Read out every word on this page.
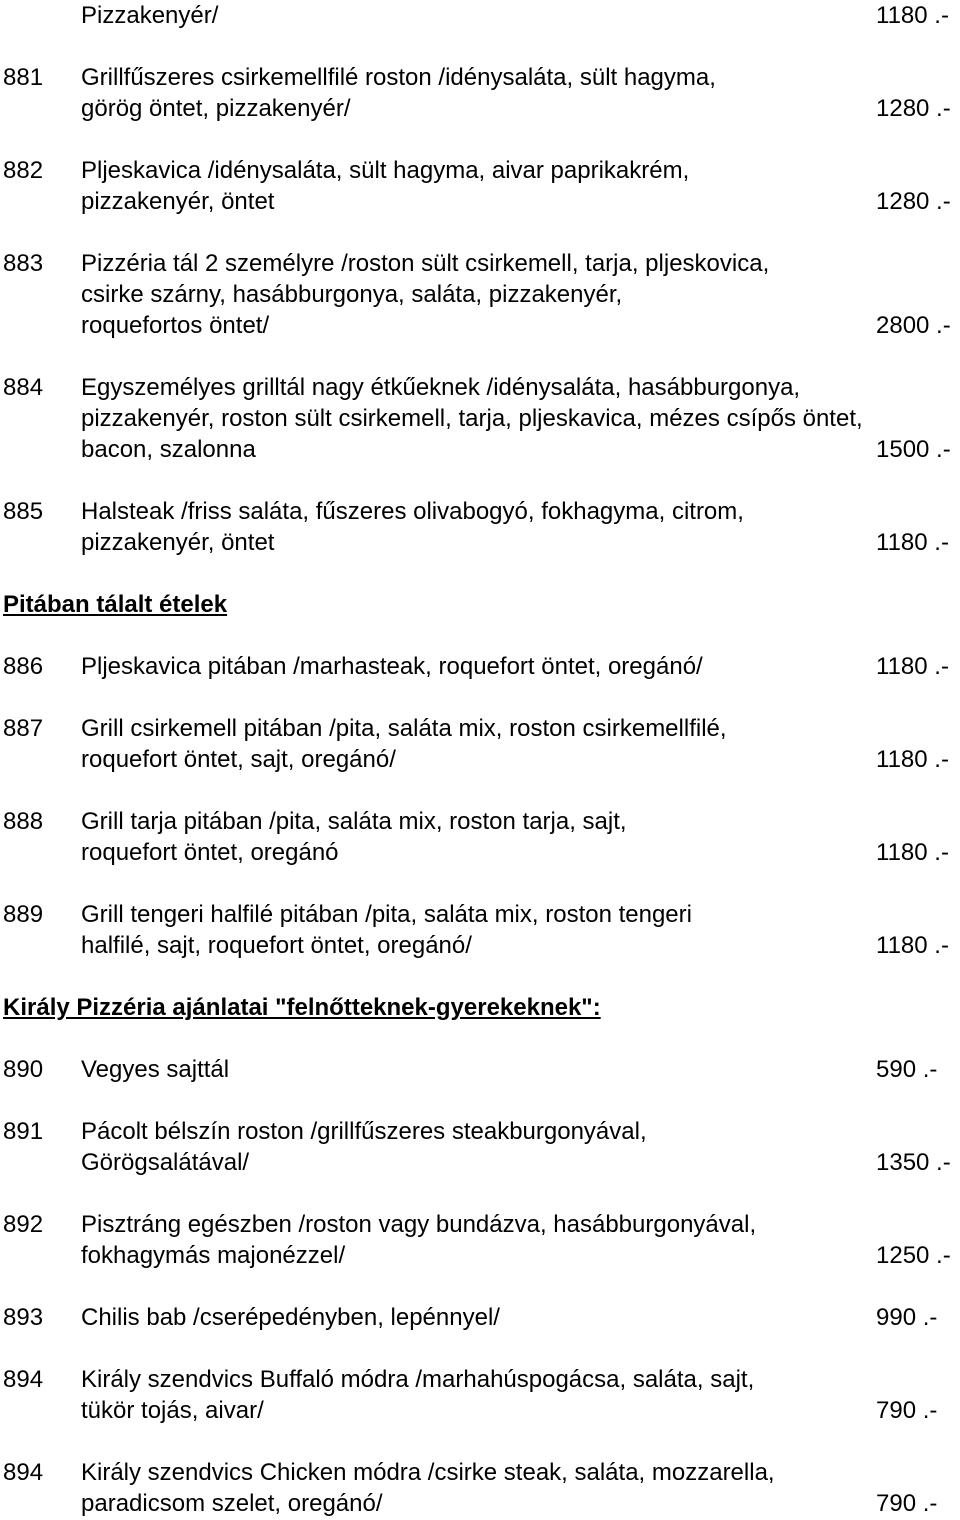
Pizzakenyér/	1180 .-
881 Grillfűszeres csirkemellfilé roston /idénysaláta, sült hagyma,
görög öntet, pizzakenyér/	1280 .-
882 Pljeskavica /idénysaláta, sült hagyma, aivar paprikakrém,
pizzakenyér, öntet	1280 .-
883 Pizzéria tál 2 személyre /roston sült csirkemell, tarja, pljeskovica,
csirke szárny, hasábburgonya, saláta, pizzakenyér,
roquefortos öntet/	2800 .-
884 Egyszemélyes grilltál nagy étkűeknek /idénysaláta, hasábburgonya,
pizzakenyér, roston sült csirkemell, tarja, pljeskavica, mézes csípős öntet,
bacon, szalonna	1500 .-
885 Halsteak /friss saláta, fűszeres olivabogyó, fokhagyma, citrom,
pizzakenyér, öntet	1180 .-
Pitában tálalt ételek
886 Pljeskavica pitában /marhasteak, roquefort öntet, oregánó/	1180 .-
887 Grill csirkemell pitában /pita, saláta mix, roston csirkemellfilé,
roquefort öntet, sajt, oregánó/	1180 .-
888 Grill tarja pitában /pita, saláta mix, roston tarja, sajt,
roquefort öntet, oregánó	1180 .-
889 Grill tengeri halfilé pitában /pita, saláta mix, roston tengeri
halfilé, sajt, roquefort öntet, oregánó/	1180 .-
Király Pizzéria ajánlatai "felnőtteknek-gyerekeknek":
890 Vegyes sajttál	590 .-
891 Pácolt bélszín roston /grillfűszeres steakburgonyával,
Görögsalátával/	1350 .-
892 Pisztráng egészben /roston vagy bundázva, hasábburgonyával,
fokhagymás majonézzel/	1250 .-
893 Chilis bab /cserépedényben, lepénnyel/	990 .-
894 Király szendvics Buffaló módra /marhahúspogácsa, saláta, sajt,
tükör tojás, aivar/	790 .-
894 Király szendvics Chicken módra /csirke steak, saláta, mozzarella,
paradicsom szelet, oregánó/	790 .-
